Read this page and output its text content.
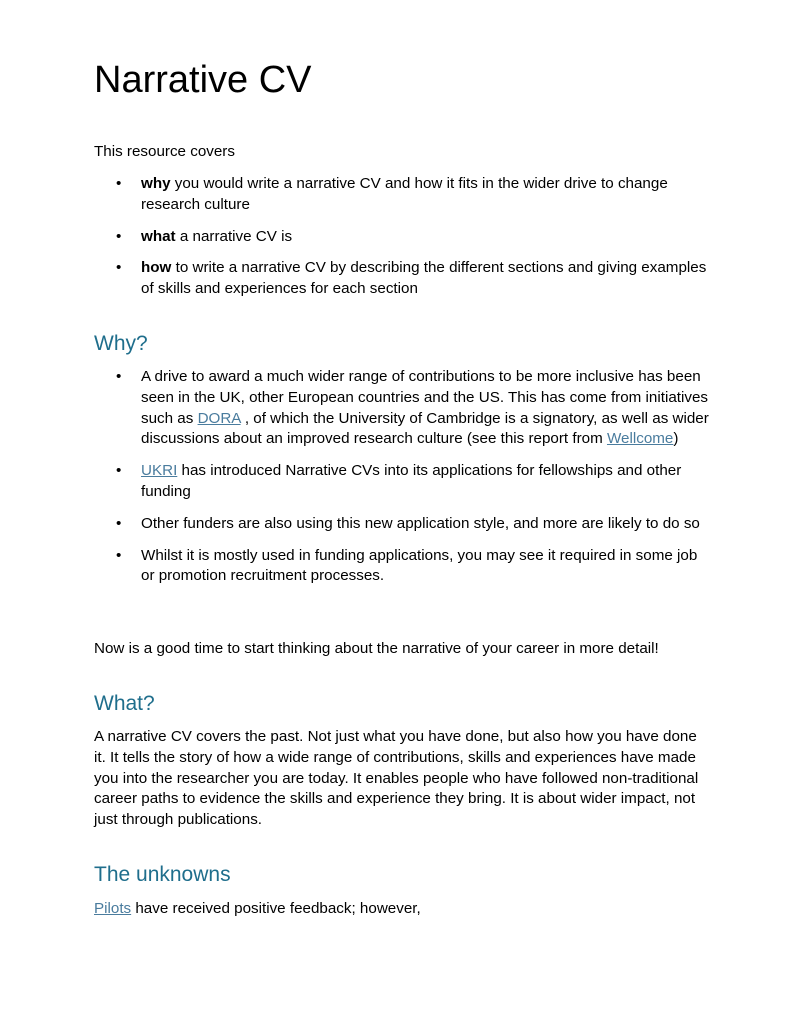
Narrative CV

This resource covers

• why you would write a narrative CV and how it fits in the wider drive to change research culture
• what a narrative CV is
• how to write a narrative CV by describing the different sections and giving examples of skills and experiences for each section
Why?
• A drive to award a much wider range of contributions to be more inclusive has been seen in the UK, other European countries and the US. This has come from initiatives such as DORA , of which the University of Cambridge is a signatory, as well as wider discussions about an improved research culture (see this report from Wellcome)
• UKRI has introduced Narrative CVs into its applications for fellowships and other funding
• Other funders are also using this new application style, and more are likely to do so
• Whilst it is mostly used in funding applications, you may see it required in some job or promotion recruitment processes.

Now is a good time to start thinking about the narrative of your career in more detail!

What?

A narrative CV covers the past. Not just what you have done, but also how you have done it. It tells the story of how a wide range of contributions, skills and experiences have made you into the researcher you are today. It enables people who have followed non-traditional career paths to evidence the skills and experience they bring. It is about wider impact, not just through publications.

The unknowns

Pilots have received positive feedback; however,
